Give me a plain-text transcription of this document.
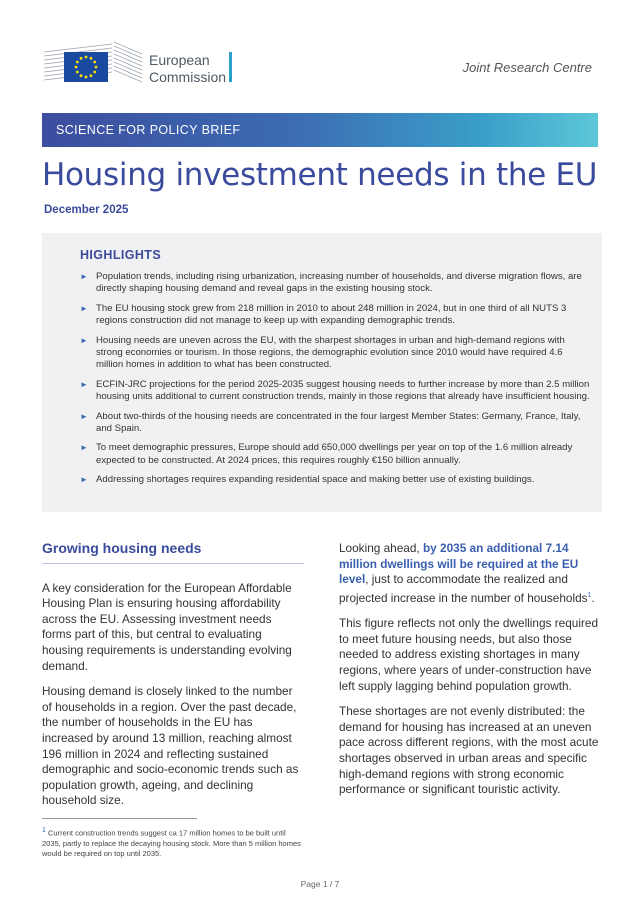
European
Commission
Joint Research Centre
SCIENCE FOR POLICY BRIEF
Housing investment needs in the EU
December 2025
HIGHLIGHTS
► Population trends, including rising urbanization, increasing number of households, and diverse migration flows, are directly shaping housing demand and reveal gaps in the existing housing stock.
► The EU housing stock grew from 218 million in 2010 to about 248 million in 2024, but in one third of all NUTS 3 regions construction did not manage to keep up with expanding demographic trends.
► Housing needs are uneven across the EU, with the sharpest shortages in urban and high-demand regions with strong economies or tourism. In those regions, the demographic evolution since 2010 would have required 4.6 million homes in addition to what has been constructed.
► ECFIN-JRC projections for the period 2025-2035 suggest housing needs to further increase by more than 2.5 million housing units additional to current construction trends, mainly in those regions that already have insufficient housing.
► About two-thirds of the housing needs are concentrated in the four largest Member States: Germany, France, Italy, and Spain.
► To meet demographic pressures, Europe should add 650,000 dwellings per year on top of the 1.6 million already expected to be constructed. At 2024 prices, this requires roughly €150 billion annually.
► Addressing shortages requires expanding residential space and making better use of existing buildings.
Growing housing needs

A key consideration for the European Affordable Housing Plan is ensuring housing affordability across the EU. Assessing investment needs forms part of this, but central to evaluating housing requirements is understanding evolving demand.

Housing demand is closely linked to the number of households in a region. Over the past decade, the number of households in the EU has increased by around 13 million, reaching almost 196 million in 2024 and reflecting sustained demographic and socio-economic trends such as population growth, ageing, and declining household size.

Looking ahead, by 2035 an additional 7.14 million dwellings will be required at the EU level, just to accommodate the realized and projected increase in the number of households$^1$.

This figure reflects not only the dwellings required to meet future housing needs, but also those needed to address existing shortages in many regions, where years of under-construction have left supply lagging behind population growth.

These shortages are not evenly distributed: the demand for housing has increased at an uneven pace across different regions, with the most acute shortages observed in urban areas and specific high-demand regions with strong economic performance or significant touristic activity.

$^1$ Current construction trends suggest ca 17 million homes to be built until 2035, partly to replace the decaying housing stock. More than 5 million homes would be required on top until 2035.
Page 1 / 7
